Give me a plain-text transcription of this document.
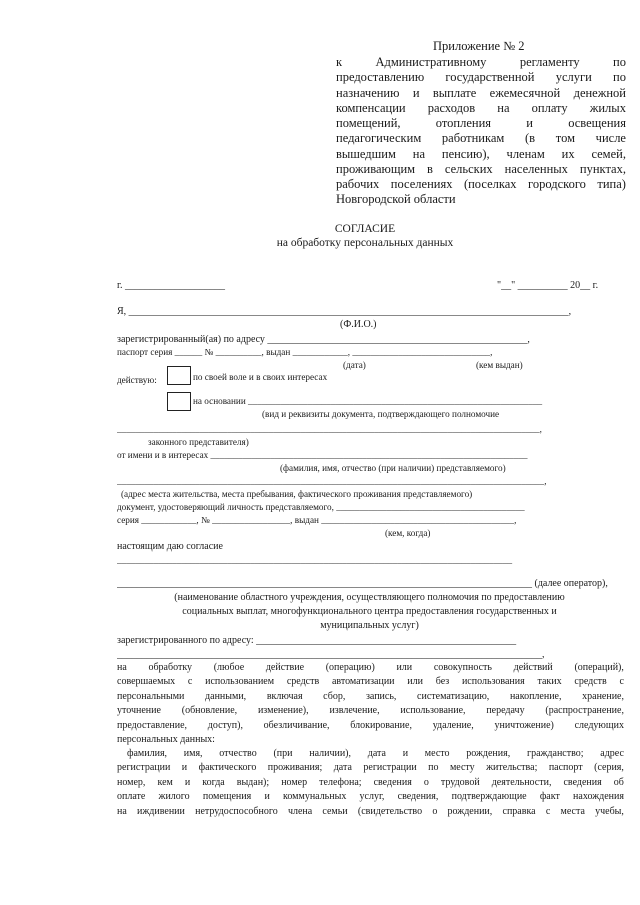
Приложение № 2
к	Административному	регламенту	по
предоставлению государственной услуги по
назначению и выплате ежемесячной денежной
компенсации расходов на оплату жилых
помещений,	отопления	и	освещения
педагогическим работникам (в том числе
вышедшим на пенсию), членам их семей,
проживающим в сельских населенных пунктах,
рабочих поселениях (поселках городского типа)
Новгородской области
СОГЛАСИЕ
на обработку персональных данных
г. ____________________	"__" __________ 20__ г.
Я, ________________________________________________________________________________________,
(Ф.И.О.)
зарегистрированный(ая) по адресу ____________________________________________________,
паспорт серия ______ № __________, выдан ____________, ______________________________,
(дата)	(кем выдан)
действую:	по своей воле и в своих интересах
на основании ________________________________________________________________
(вид и реквизиты документа, подтверждающего полномочие
____________________________________________________________________________________________,
законного представителя)
от имени и в интересах _____________________________________________________________________
(фамилия, имя, отчество (при наличии) представляемого)
_____________________________________________________________________________________________,
(адрес места жительства, места пребывания, фактического проживания представляемого)
документ, удостоверяющий личность представляемого, _________________________________________
серия ____________, № _________________, выдан __________________________________________,
(кем, когда)
настоящим даю согласие
______________________________________________________________________________________
___________________________________________________________________________________ (далее оператор),
(наименование областного учреждения, осуществляющего полномочия по предоставлению
социальных выплат, многофункционального центра предоставления государственных и
муниципальных услуг)
зарегистрированного по адресу: ____________________________________________________
_____________________________________________________________________________________,
на обработку (любое действие (операцию) или совокупность действий (операций),
совершаемых с использованием средств автоматизации или без использования таких средств с
персональными данными, включая сбор, запись, систематизацию, накопление, хранение,
уточнение (обновление, изменение), извлечение, использование, передачу (распространение,
предоставление, доступ), обезличивание, блокирование, удаление, уничтожение) следующих
персональных данных:
фамилия, имя, отчество (при наличии), дата и место рождения, гражданство; адрес
регистрации и фактического проживания; дата регистрации по месту жительства; паспорт (серия,
номер, кем и когда выдан); номер телефона; сведения о трудовой деятельности, сведения об
оплате жилого помещения и коммунальных услуг, сведения, подтверждающие факт нахождения
на иждивении нетрудоспособного члена семьи (свидетельство о рождении, справка с места учебы,
